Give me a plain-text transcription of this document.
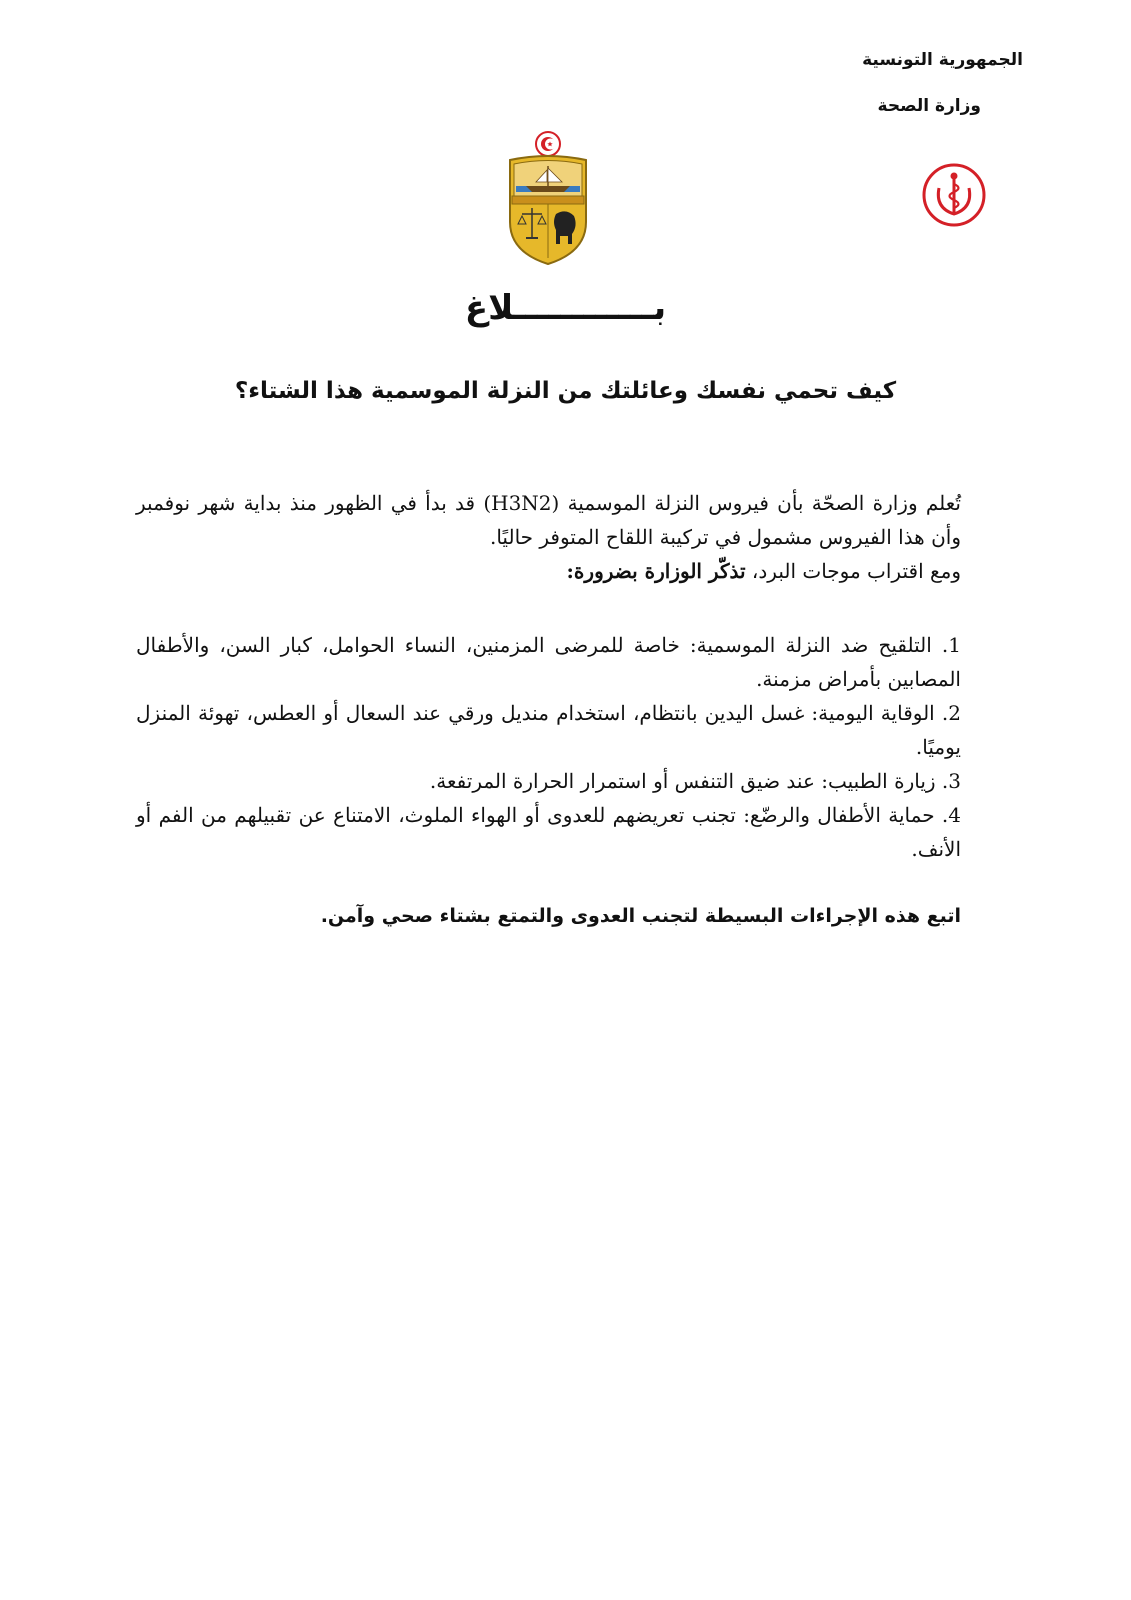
الجمهورية التونسية
وزارة الصحة
بــــــــــــلاغ
كيف تحمي نفسك وعائلتك من النزلة الموسمية هذا الشتاء؟

تُعلم وزارة الصحّة بأن فيروس النزلة الموسمية (H3N2) قد بدأ في الظهور منذ بداية شهر نوفمبر وأن هذا الفيروس مشمول في تركيبة اللقاح المتوفر حاليًا.

ومع اقتراب موجات البرد، تذكّر الوزارة بضرورة:

1. التلقيح ضد النزلة الموسمية: خاصة للمرضى المزمنين، النساء الحوامل، كبار السن، والأطفال المصابين بأمراض مزمنة.

2. الوقاية اليومية: غسل اليدين بانتظام، استخدام منديل ورقي عند السعال أو العطس، تهوئة المنزل يوميًا.

3. زيارة الطبيب: عند ضيق التنفس أو استمرار الحرارة المرتفعة.

4. حماية الأطفال والرضّع: تجنب تعريضهم للعدوى أو الهواء الملوث، الامتناع عن تقبيلهم من الفم أو الأنف.

اتبع هذه الإجراءات البسيطة لتجنب العدوى والتمتع بشتاء صحي وآمن.
